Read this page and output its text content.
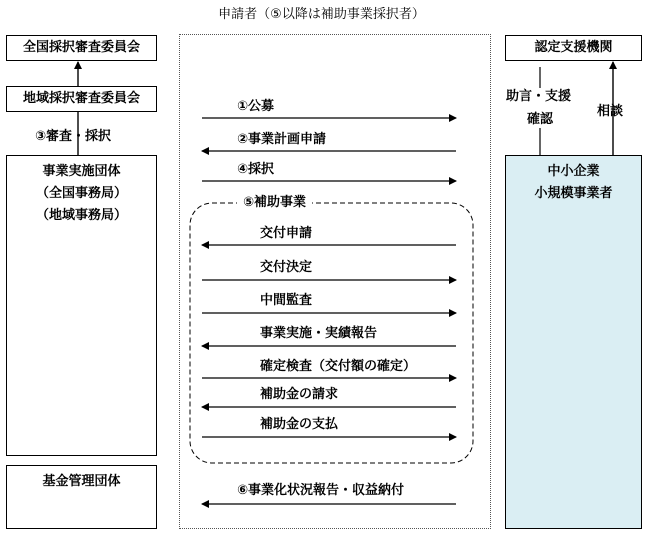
申請者（⑤以降は補助事業採択者）
全国採択審査委員会
地域採択審査委員会
③審査・採択
事業実施団体
（全国事務局）
（地域事務局）
基金管理団体
認定支援機関
助言・支援
確認
相談
中小企業
小規模事業者
①公募
②事業計画申請
④採択
⑤補助事業
交付申請
交付決定
中間監査
事業実施・実績報告
確定検査（交付額の確定）
補助金の請求
補助金の支払
⑥事業化状況報告・収益納付
